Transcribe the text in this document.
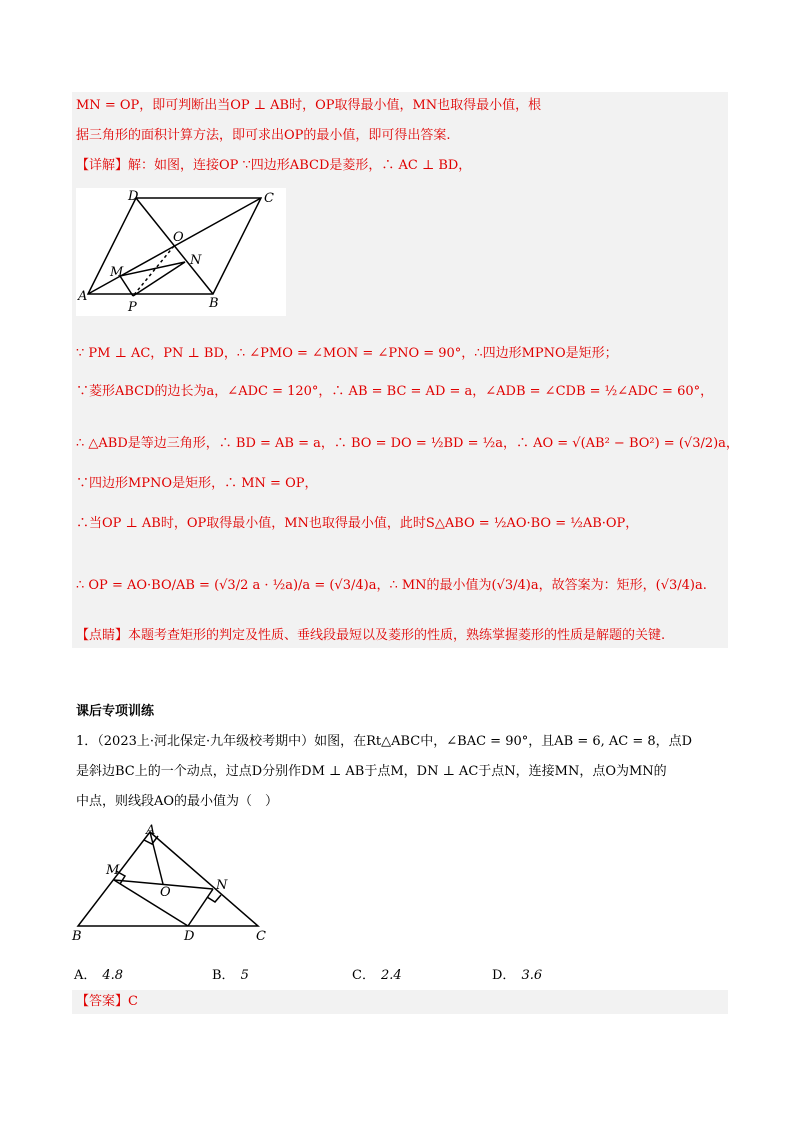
MN = OP，即可判断出当OP ⊥ AB时，OP取得最小值，MN也取得最小值，根
据三角形的面积计算方法，即可求出OP的最小值，即可得出答案.
【详解】解：如图，连接OP ∵四边形ABCD是菱形，∴ AC ⊥ BD，
D	C
O
M
N
A
P	B
∵ PM ⊥ AC，PN ⊥ BD，∴ ∠PMO = ∠MON = ∠PNO = 90°，∴四边形MPNO是矩形；
∵菱形ABCD的边长为a，∠ADC = 120°，∴ AB = BC = AD = a，∠ADB = ∠CDB = ½∠ADC = 60°，
∴ △ABD是等边三角形，∴ BD = AB = a，∴ BO = DO = ½BD = ½a，∴ AO = √(AB² − BO²) = (√3/2)a，
∵四边形MPNO是矩形，∴ MN = OP，
∴当OP ⊥ AB时，OP取得最小值，MN也取得最小值，此时S△ABO = ½AO·BO = ½AB·OP，
∴ OP = AO·BO/AB = (√3/2 a · ½a)/a = (√3/4)a，∴ MN的最小值为(√3/4)a，故答案为：矩形，(√3/4)a.
【点睛】本题考查矩形的判定及性质、垂线段最短以及菱形的性质，熟练掌握菱形的性质是解题的关键.
课后专项训练
1．（2023上·河北保定·九年级校考期中）如图，在Rt△ABC中，∠BAC = 90°，且AB = 6, AC = 8，点D
是斜边BC上的一个动点，过点D分别作DM ⊥ AB于点M，DN ⊥ AC于点N，连接MN，点O为MN的
中点，则线段AO的最小值为（　）
A
M
O	N
B	D	C
A． 4.8	B． 5	C． 2.4	D． 3.6
【答案】C
